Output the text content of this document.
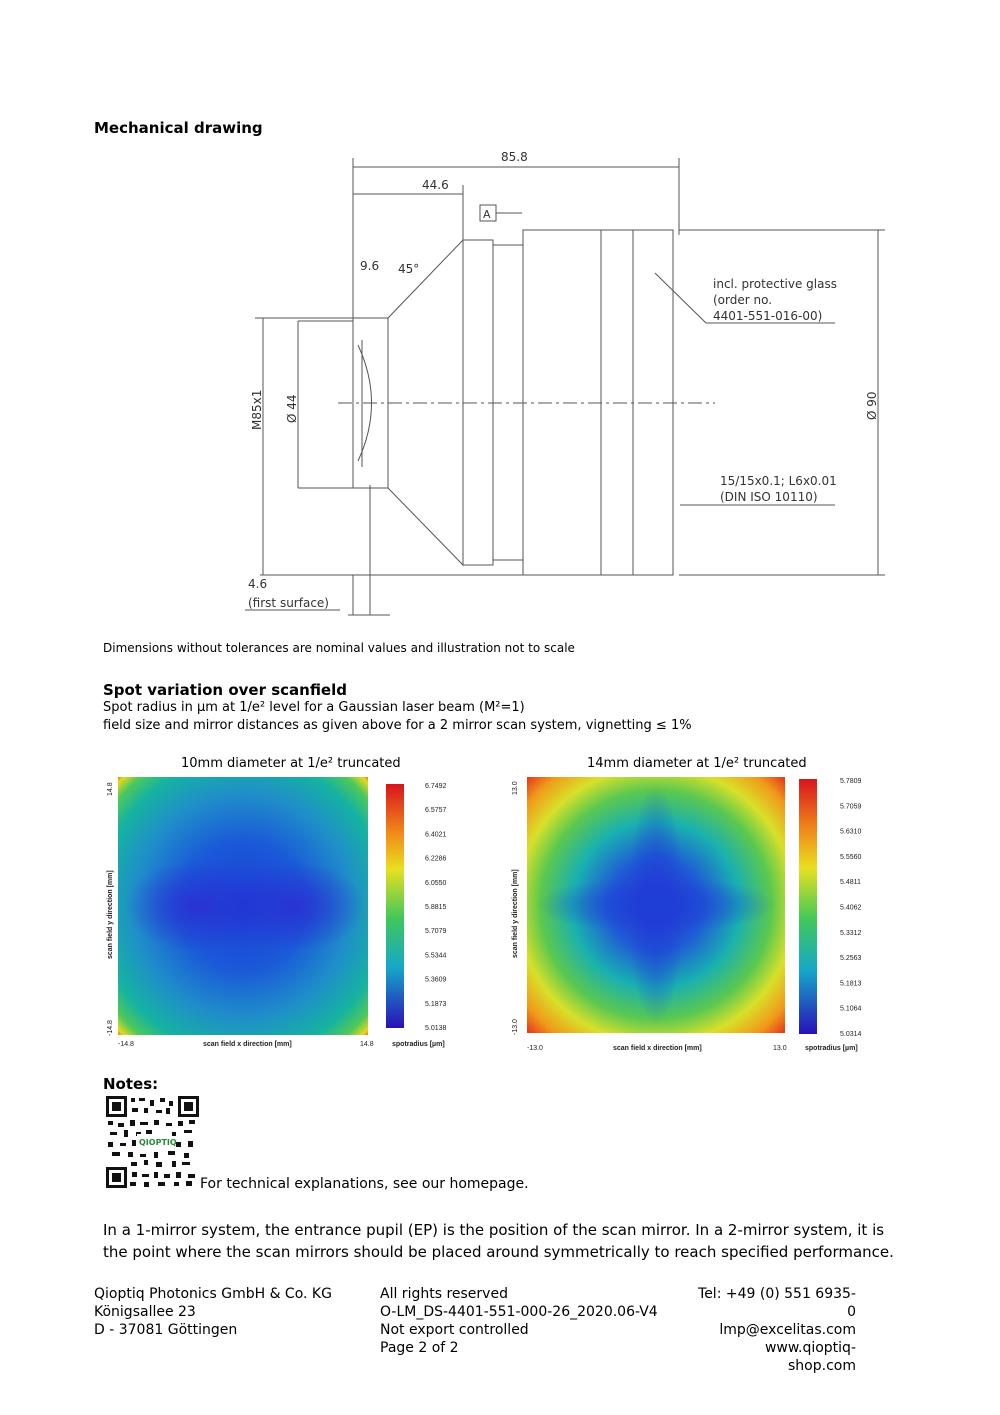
Mechanical drawing
85.8
44.6
A
9.6 45°
M85x1 Ø 44	Ø 90
incl. protective glass
(order no.
4401-551-016-00)
15/15x0.1; L6x0.01
(DIN ISO 10110)
4.6
(first surface)
Dimensions without tolerances are nominal values and illustration not to scale
Spot variation over scanfield
Spot radius in µm at 1/e² level for a Gaussian laser beam (M²=1)
field size and mirror distances as given above for a 2 mirror scan system, vignetting ≤ 1%
10mm diameter at 1/e² truncated	14mm diameter at 1/e² truncated
6.7492
6.5757
6.4021
6.2286
6.0550
5.8815
5.7079
5.5344
5.3609
5.1873
5.0138
14.8
-14.8
scan field y direction [mm]
-14.8	14.8
scan field x direction [mm]	spotradius [µm]
5.7809
5.7059
5.6310
5.5560
5.4811
5.4062
5.3312
5.2563
5.1813
5.1064
5.0314
13.0
-13.0
scan field y direction [mm]
-13.0	13.0
scan field x direction [mm]	spotradius [µm]
Notes:
QIOPTIQ
For technical explanations, see our homepage.
In a 1-mirror system, the entrance pupil (EP) is the position of the scan mirror. In a 2-mirror system, it is the point where the scan mirrors should be placed around symmetrically to reach specified performance.
Qioptiq Photonics GmbH & Co. KG
Königsallee 23
D - 37081 Göttingen
All rights reserved
O-LM_DS-4401-551-000-26_2020.06-V4
Not export controlled
Page 2 of 2
Tel: +49 (0) 551 6935-0
lmp@excelitas.com
www.qioptiq-shop.com
